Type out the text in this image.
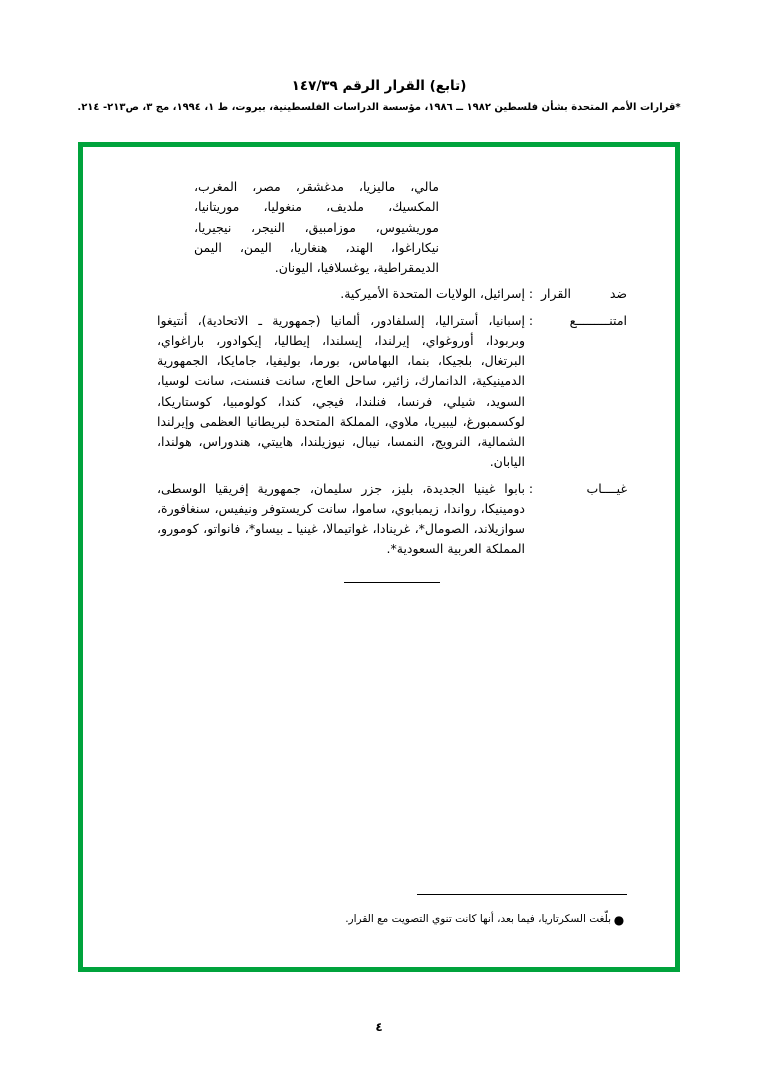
(تابع) القرار الرقم ١٤٧/٣٩
*قرارات الأمم المتحدة بشأن فلسطين ١٩٨٢ ــ ١٩٨٦، مؤسسة الدراسات الفلسطينية، بيروت، ط ١، ١٩٩٤، مج ٣، ص٢١٣- ٢١٤.
مالي، ماليزيا، مدغشقر، مصر، المغرب، المكسيك، ملديف، منغوليا، موريتانيا، موريشيوس، موزامبيق، النيجر، نيجيريا، نيكاراغوا، الهند، هنغاريا، اليمن، اليمن الديمقراطية، يوغسلافيا، اليونان.
ضد القرار
:
إسرائيل، الولايات المتحدة الأميركية.
امتنـــــــــع
:
إسبانيا، أستراليا، إلسلفادور، ألمانيا (جمهورية ـ الاتحادية)، أنتيغوا وبربودا، أوروغواي، إيرلندا، إيسلندا، إيطاليا، إيكوادور، باراغواي، البرتغال، بلجيكا، بنما، البهاماس، بورما، بوليفيا، جامايكا، الجمهورية الدمينيكية، الدانمارك، زائير، ساحل العاج، سانت فنسنت، سانت لوسيا، السويد، شيلي، فرنسا، فنلندا، فيجي، كندا، كولومبيا، كوستاريكا، لوكسمبورغ، ليبيريا، ملاوي، المملكة المتحدة لبريطانيا العظمى وإيرلندا الشمالية، النرويج، النمسا، نيبال، نيوزيلندا، هاييتي، هندوراس، هولندا، اليابان.
غيــــاب
:
بابوا غينيا الجديدة، بليز، جزر سليمان، جمهورية إفريقيا الوسطى، دومينيكا، رواندا، زيمبابوي، ساموا، سانت كريستوفر ونيفيس، سنغافورة، سوازيلاند، الصومال*، غرينادا، غواتيمالا، غينيا ـ بيساو*، فانواتو، كومورو، المملكة العربية السعودية*.
●
بلّغت السكرتاريا، فيما بعد، أنها كانت تنوي التصويت مع القرار.
٤
